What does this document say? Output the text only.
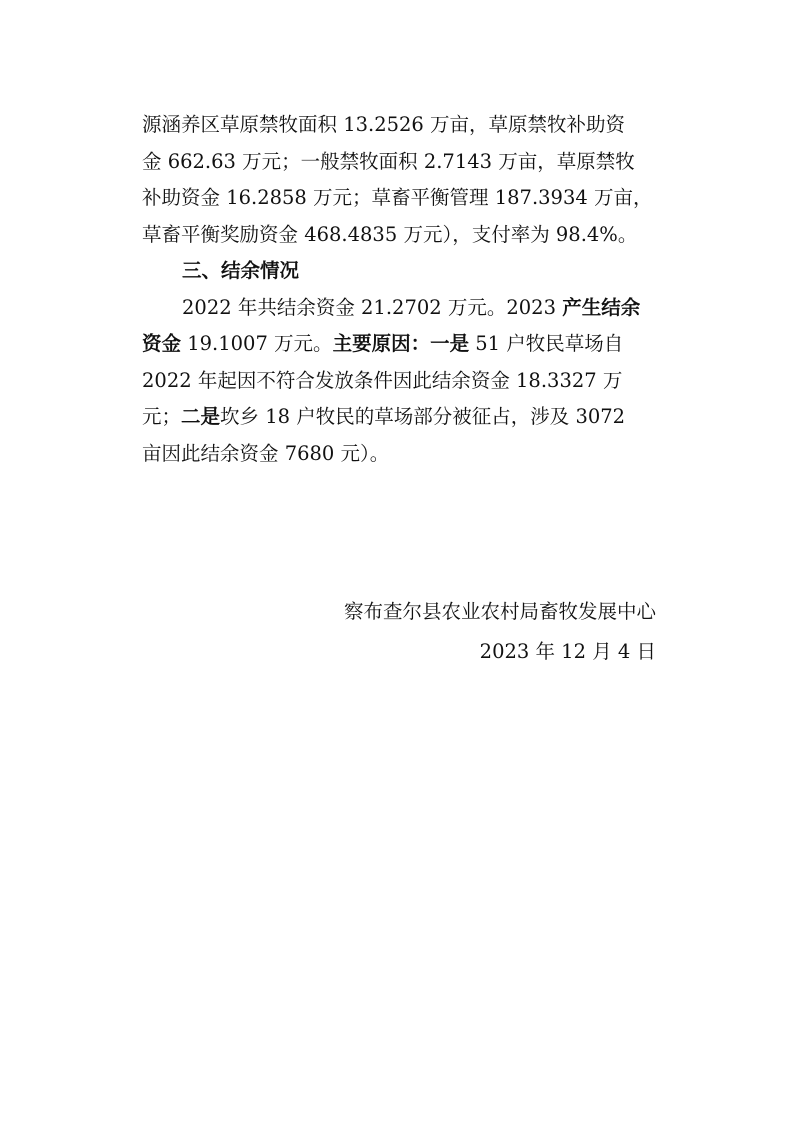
源涵养区草原禁牧面积 13.2526 万亩，草原禁牧补助资
金 662.63 万元；一般禁牧面积 2.7143 万亩，草原禁牧
补助资金 16.2858 万元；草畜平衡管理 187.3934 万亩，
草畜平衡奖励资金 468.4835 万元），支付率为 98.4%。
三、结余情况
2022 年共结余资金 21.2702 万元。2023 产生结余
资金 19.1007 万元。主要原因：一是 51 户牧民草场自
2022 年起因不符合发放条件因此结余资金 18.3327 万
元；二是坎乡 18 户牧民的草场部分被征占，涉及 3072
亩因此结余资金 7680 元）。
察布查尔县农业农村局畜牧发展中心
2023 年 12 月 4 日
